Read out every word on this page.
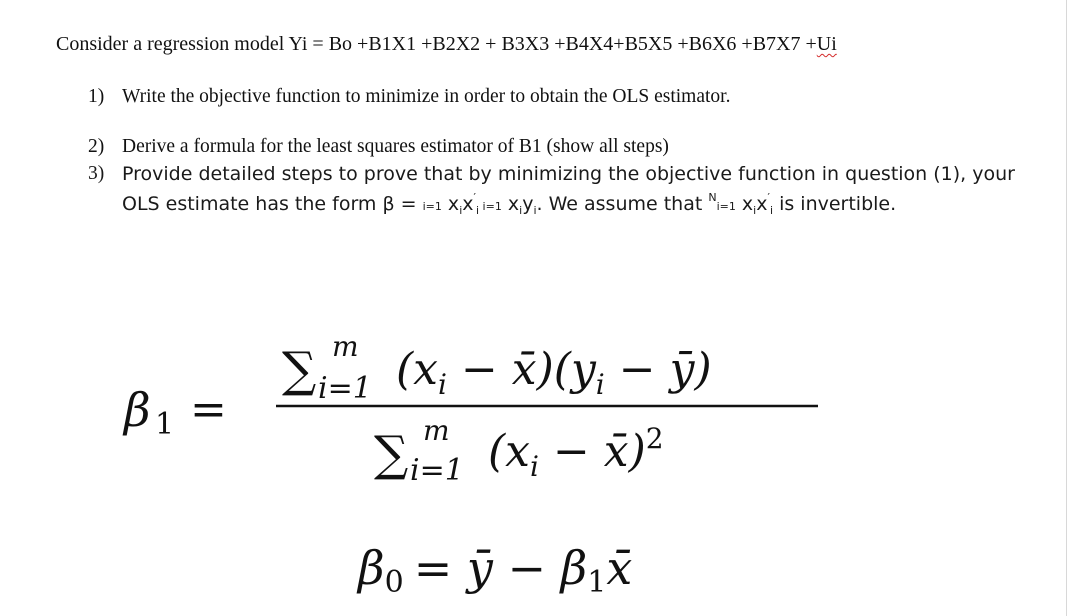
Consider a regression model Yi = Bo +B1X1 +B2X2 + B3X3 +B4X4+B5X5 +B6X6 +B7X7 +Ui
1) Write the objective function to minimize in order to obtain the OLS estimator.
2) Derive a formula for the least squares estimator of B1 (show all steps)
3) Provide detailed steps to prove that by minimizing the objective function in question (1), your
OLS estimate has the form β = i=1 $x_ix'_i$ i=1 $x_iy_i$. We assume that $^N$i=1 $x_ix'_i$ is invertible.
β 1 =
∑ m
i=1 ($x_i$ − $x̄)(y_i$ − ȳ)
∑ m
i=1 ($x_i$ − x̄)$^2$
β0 = ȳ − β1x̄
